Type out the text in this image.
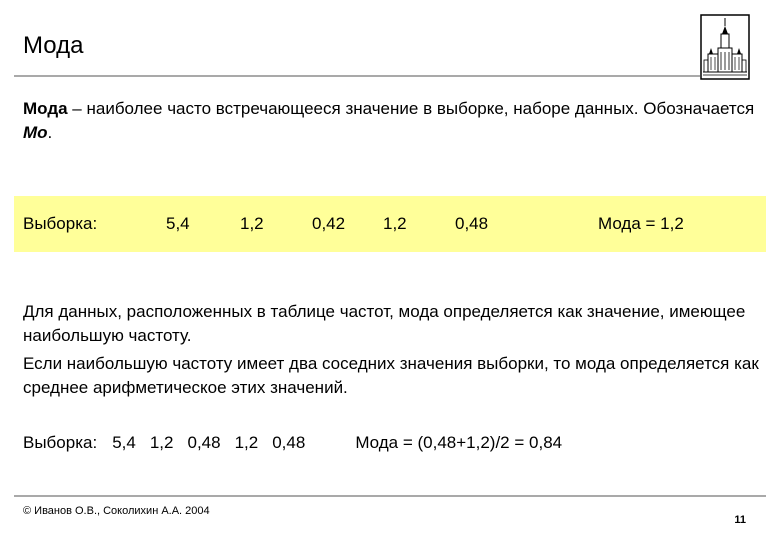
Мода
Мода – наиболее часто встречающееся значение в выборке, наборе данных. Обозначается Mo.
Выборка:	5,4	1,2	0,42 1,2	0,48	Мода = 1,2
Для данных, расположенных в таблице частот, мода определяется как значение, имеющее наибольшую частоту.
Если наибольшую частоту имеет два соседних значения выборки, то мода определяется как среднее арифметическое этих значений.
Выборка: 5,4 1,2 0,48 1,2 0,48	Мода = (0,48+1,2)/2 = 0,84
© Иванов О.В., Соколихин А.А. 2004
11
